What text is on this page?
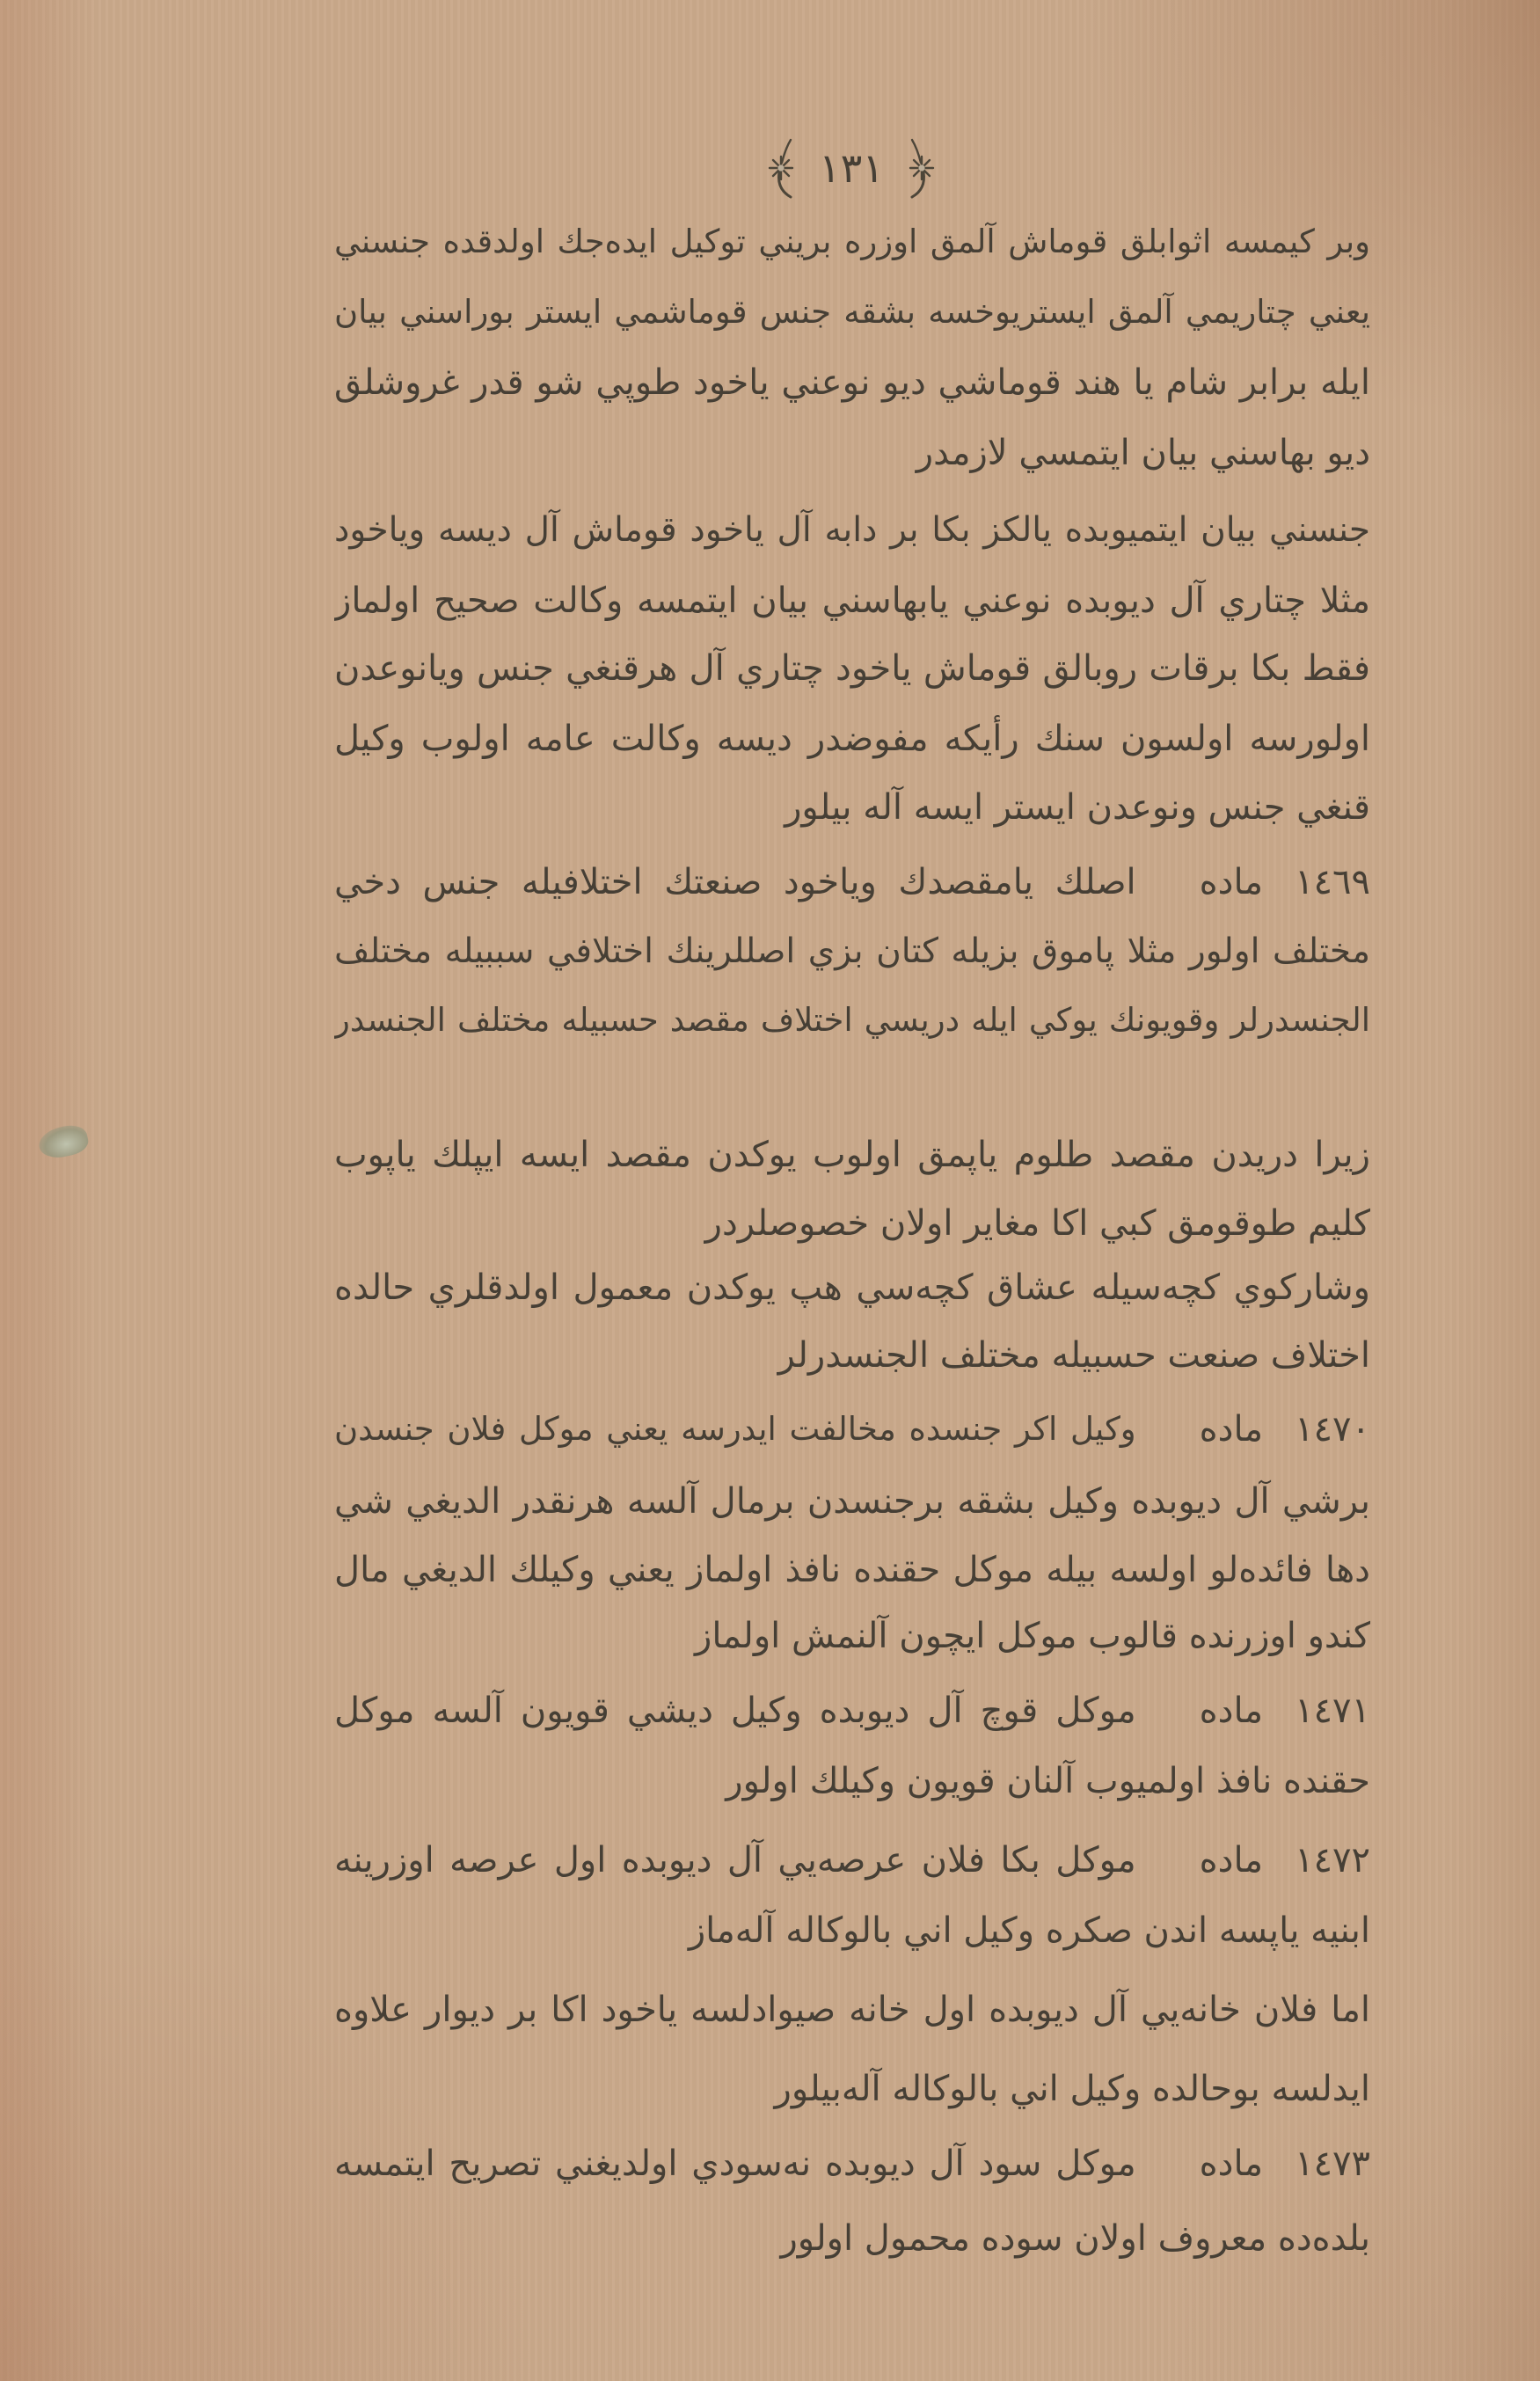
١٣١
وبر كيمسه اثوابلق قوماش آلمق اوزره بريني توكيل ايده‌جك اولدقده جنسني
يعني چتاريمي آلمق ايستريوخسه بشقه جنس قوماشمي ايستر بوراسني بيان
ايله برابر شام يا هند قوماشي ديو نوعني ياخود طوپي شو قدر غروشلق
ديو بهاسني بيان ايتمسي لازمدر
جنسني بيان ايتميوبده يالكز بكا بر دابه آل ياخود قوماش آل ديسه وياخود
مثلا چتاري آل ديوبده نوعني يابهاسني بيان ايتمسه وكالت صحيح اولماز
فقط بكا برقات روبالق قوماش ياخود چتاري آل هرقنغي جنس ويانوعدن
اولورسه اولسون سنك رأيكه مفوضدر ديسه وكالت عامه اولوب وكيل
قنغي جنس ونوعدن ايستر ايسه آله بيلور
١٤٦٩
ماده
اصلك يامقصدك وياخود صنعتك اختلافيله جنس دخي
مختلف اولور مثلا پاموق بزيله كتان بزي اصللرينك اختلافي سببيله مختلف
الجنسدرلر وقويونك يوكي ايله دريسي اختلاف مقصد حسبيله مختلف الجنسدر
زيرا دريدن مقصد طلوم ياپمق اولوب يوكدن مقصد ايسه ايپلك ياپوب
كليم طوقومق كبي اكا مغاير اولان خصوصلردر
وشاركوي كچه‌سيله عشاق كچه‌سي هپ يوكدن معمول اولدقلري حالده
اختلاف صنعت حسبيله مختلف الجنسدرلر
١٤٧٠
ماده
وكيل اكر جنسده مخالفت ايدرسه يعني موكل فلان جنسدن
برشي آل ديوبده وكيل بشقه برجنسدن برمال آلسه هرنقدر الديغي شي
دها فائده‌لو اولسه بيله موكل حقنده نافذ اولماز يعني وكيلك الديغي مال
كندو اوزرنده قالوب موكل ايچون آلنمش اولماز
١٤٧١
ماده
موكل قوچ آل ديوبده وكيل ديشي قويون آلسه موكل
حقنده نافذ اولميوب آلنان قويون وكيلك اولور
١٤٧٢
ماده
موكل بكا فلان عرصه‌يي آل ديوبده اول عرصه اوزرينه
ابنيه ياپسه اندن صكره وكيل اني بالوكاله آله‌ماز
اما فلان خانه‌يي آل ديوبده اول خانه صيوادلسه ياخود اكا بر ديوار علاوه
ايدلسه بوحالده وكيل اني بالوكاله آله‌بيلور
١٤٧٣
ماده
موكل سود آل ديوبده نه‌سودي اولديغني تصريح ايتمسه
بلده‌ده معروف اولان سوده محمول اولور
